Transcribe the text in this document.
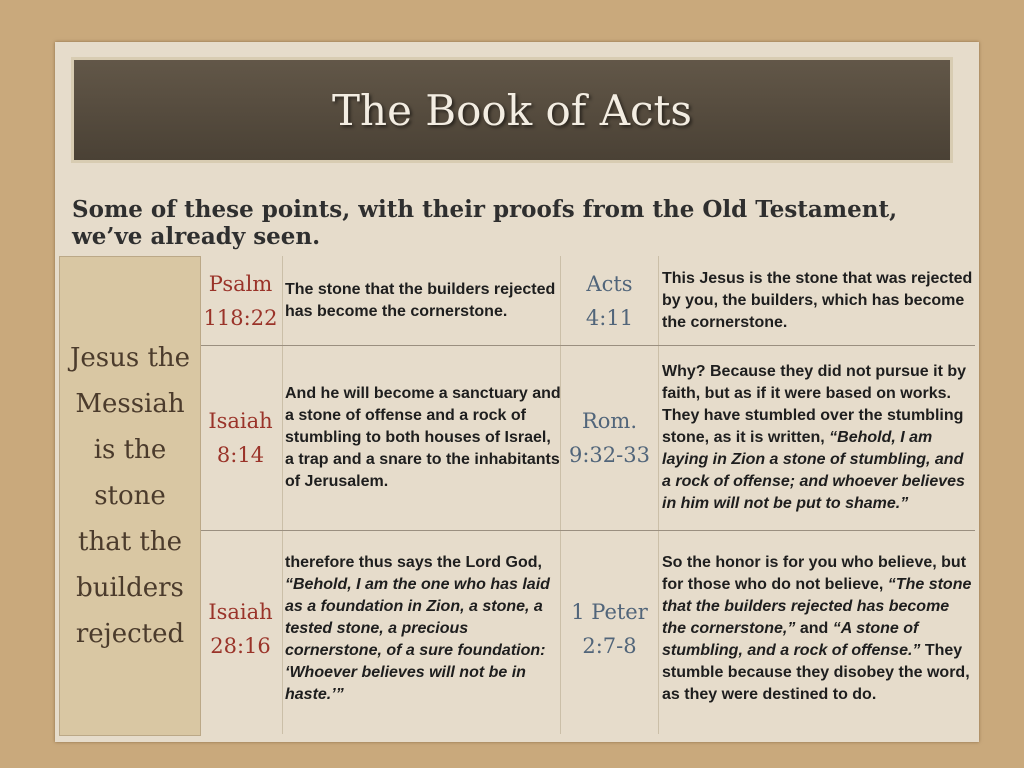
The Book of Acts
Some of these points, with their proofs from the Old Testament, we’ve already seen.
Jesus the Messiah is the stone that the builders rejected
Psalm 118:22
The stone that the builders rejected has become the cornerstone.
Acts 4:11
This Jesus is the stone that was rejected by you, the builders, which has become the cornerstone.
Isaiah 8:14
And he will become a sanctuary and a stone of offense and a rock of stumbling to both houses of Israel, a trap and a snare to the inhabitants of Jerusalem.
Rom. 9:32-33
Why? Because they did not pursue it by faith, but as if it were based on works. They have stumbled over the stumbling stone, as it is written, “Behold, I am laying in Zion a stone of stumbling, and a rock of offense; and whoever believes in him will not be put to shame.”
Isaiah 28:16
therefore thus says the Lord God, “Behold, I am the one who has laid as a foundation in Zion, a stone, a tested stone, a precious cornerstone, of a sure foundation: ‘Whoever believes will not be in haste.’”
1 Peter 2:7-8
So the honor is for you who believe, but for those who do not believe, “The stone that the builders rejected has become the cornerstone,” and “A stone of stumbling, and a rock of offense.” They stumble because they disobey the word, as they were destined to do.
